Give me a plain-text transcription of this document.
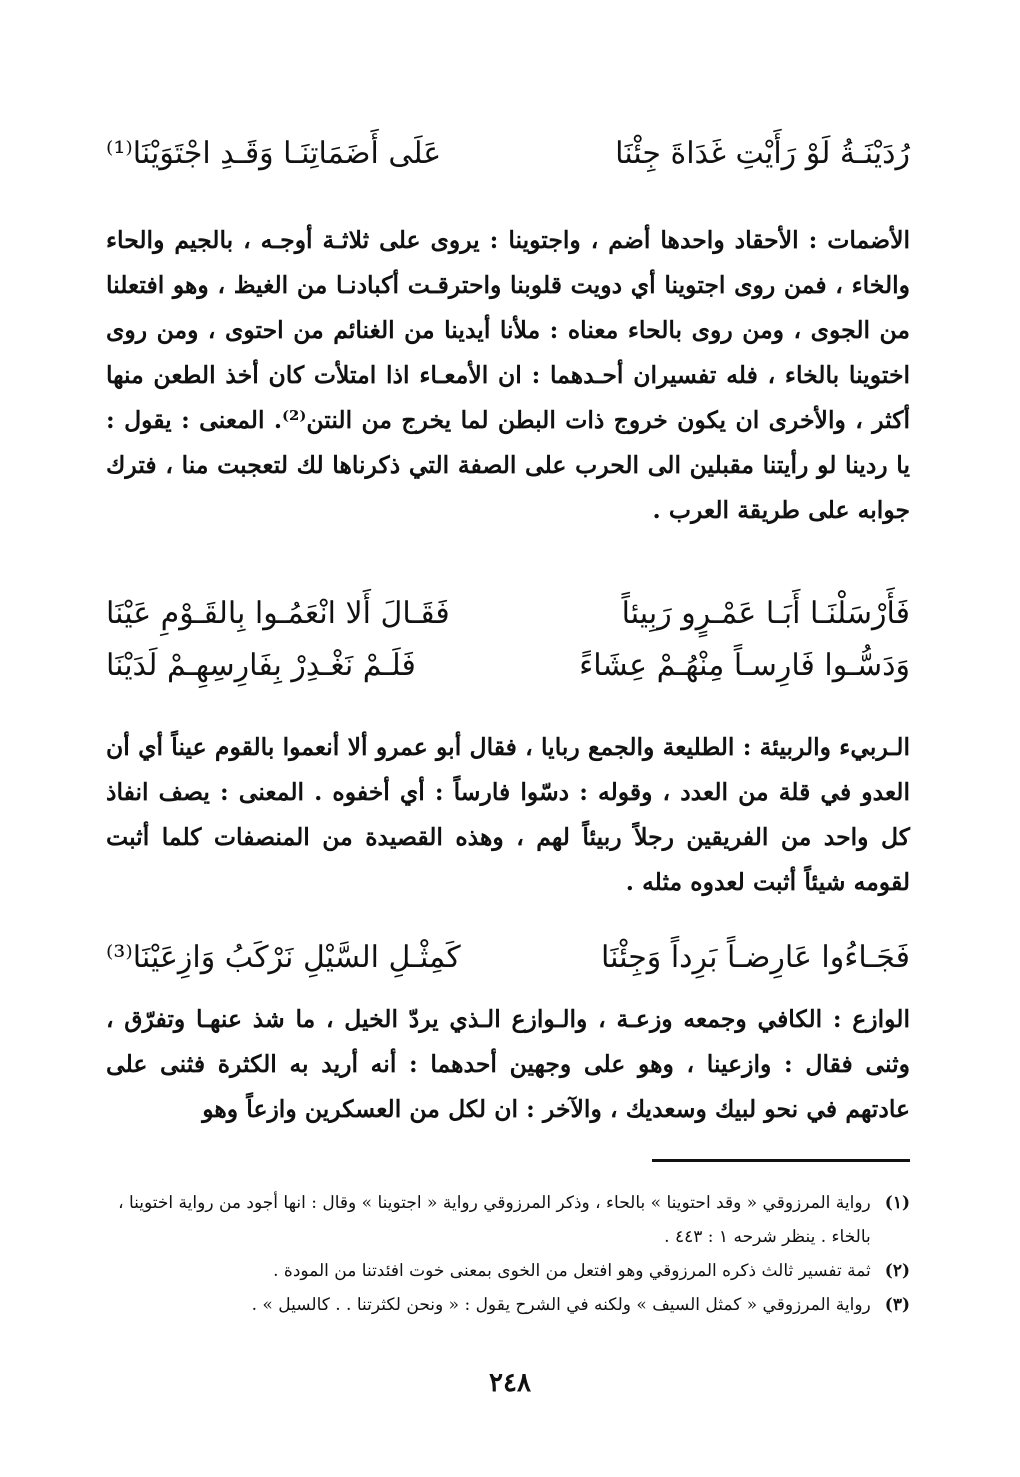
رُدَيْنَـةُ لَوْ رَأَيْتِ غَدَاةَ جِئْنَا
عَلَى أَضَمَاتِنَـا وَقَـدِ اجْتَوَيْنَا⁽¹⁾

الأضمات : الأحقاد واحدها أضم ، واجتوينا : يروى على ثلاثـة أوجـه ، بالجيم والحاء والخاء ، فمن روى اجتوينا أي دويت قلوبنا واحترقـت أكبادنـا من الغيظ ، وهو افتعلنا من الجوى ، ومن روى بالحاء معناه : ملأنا أيدينا من الغنائم من احتوى ، ومن روى اختوينا بالخاء ، فله تفسيران أحـدهما : ان الأمعـاء اذا امتلأت كان أخذ الطعن منها أكثر ، والأخرى ان يكون خروج ذات البطن لما يخرج من النتن⁽²⁾. المعنى : يقول : يا ردينا لو رأيتنا مقبلين الى الحرب على الصفة التي ذكرناها لك لتعجبت منا ، فترك جوابه على طريقة العرب .

فَأَرْسَلْنَـا أَبَـا عَمْـرٍو رَبِيئاً
فَقَـالَ أَلا انْعَمُـوا بِالقَـوْمِ عَيْنَا
وَدَسُّـوا فَارِسـاً مِنْهُـمْ عِشَاءً
فَلَـمْ نَغْـدِرْ بِفَارِسِهِـمْ لَدَيْنَا

الـربيء والربيئة : الطليعة والجمع ربايا ، فقال أبو عمرو ألا أنعموا بالقوم عيناً أي أن العدو في قلة من العدد ، وقوله : دسّوا فارساً : أي أخفوه . المعنى : يصف انفاذ كل واحد من الفريقين رجلاً ربيئاً لهم ، وهذه القصيدة من المنصفات كلما أثبت لقومه شيئاً أثبت لعدوه مثله .

فَجَـاءُوا عَارِضـاً بَرِداً وَجِئْنَا
كَمِثْـلِ السَّيْلِ نَرْكَبُ وَازِعَيْنَا⁽³⁾

الوازع : الكافي وجمعه وزعـة ، والـوازع الـذي يردّ الخيل ، ما شذ عنهـا وتفرّق ، وثنى فقال : وازعينا ، وهو على وجهين أحدهما : أنه أريد به الكثرة فثنى على عادتهم في نحو لبيك وسعديك ، والآخر : ان لكل من العسكرين وازعاً وهو

(١)
رواية المرزوقي « وقد احتوينا » بالحاء ، وذكر المرزوقي رواية « اجتوينا » وقال : انها أجود من رواية اختوينا ، بالخاء . ينظر شرحه ١ : ٤٤٣ .
(٢)
ثمة تفسير ثالث ذكره المرزوقي وهو افتعل من الخوى بمعنى خوت افئدتنا من المودة .
(٣)
رواية المرزوقي « كمثل السيف » ولكنه في الشرح يقول : « ونحن لكثرتنا . . كالسيل » .
٢٤٨
